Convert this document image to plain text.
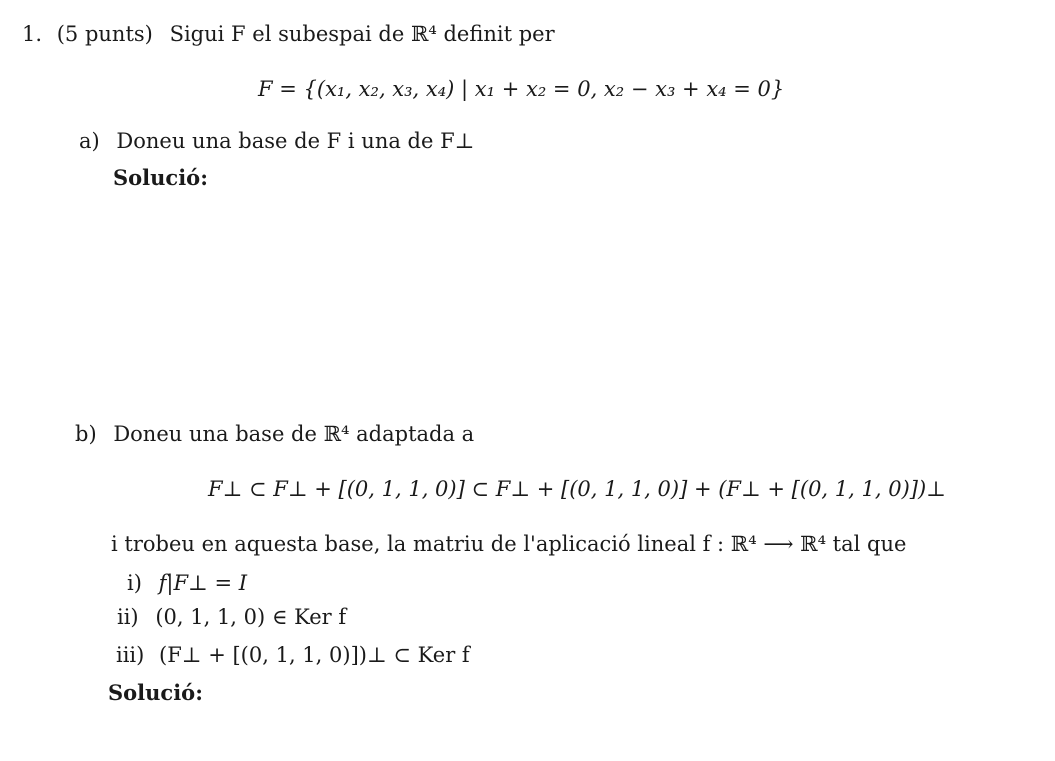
1. (5 punts) Sigui F el subespai de ℝ⁴ definit per
F = {(x₁, x₂, x₃, x₄) | x₁ + x₂ = 0, x₂ − x₃ + x₄ = 0}
a) Doneu una base de F i una de F⊥
Solució:
b) Doneu una base de ℝ⁴ adaptada a
F⊥ ⊂ F⊥ + [(0, 1, 1, 0)] ⊂ F⊥ + [(0, 1, 1, 0)] + (F⊥ + [(0, 1, 1, 0)])⊥
i trobeu en aquesta base, la matriu de l'aplicació lineal f : ℝ⁴ ⟶ ℝ⁴ tal que
i) f|F⊥ = I
ii) (0, 1, 1, 0) ∈ Ker f
iii) (F⊥ + [(0, 1, 1, 0)])⊥ ⊂ Ker f
Solució:
